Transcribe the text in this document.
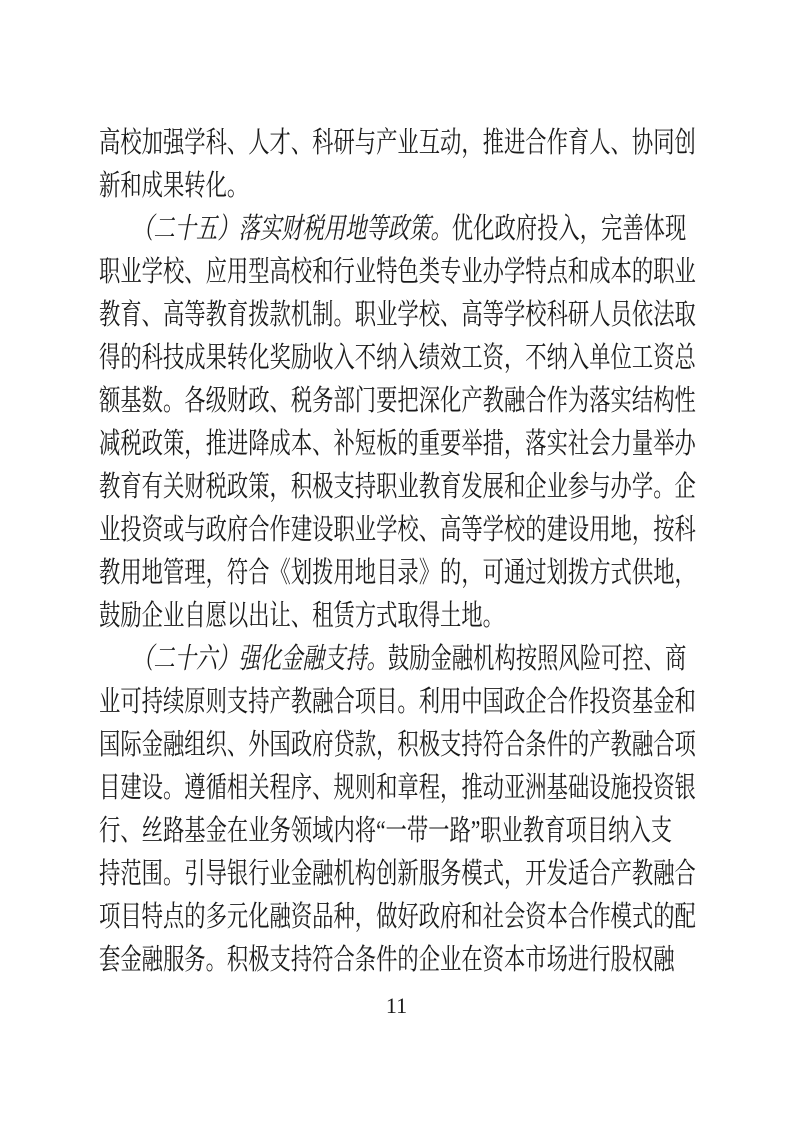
高校加强学科、人才、科研与产业互动，推进合作育人、协同创
新和成果转化。
（二十五）落实财税用地等政策。优化政府投入，完善体现
职业学校、应用型高校和行业特色类专业办学特点和成本的职业
教育、高等教育拨款机制。职业学校、高等学校科研人员依法取
得的科技成果转化奖励收入不纳入绩效工资，不纳入单位工资总
额基数。各级财政、税务部门要把深化产教融合作为落实结构性
减税政策，推进降成本、补短板的重要举措，落实社会力量举办
教育有关财税政策，积极支持职业教育发展和企业参与办学。企
业投资或与政府合作建设职业学校、高等学校的建设用地，按科
教用地管理，符合《划拨用地目录》的，可通过划拨方式供地，
鼓励企业自愿以出让、租赁方式取得土地。
（二十六）强化金融支持。鼓励金融机构按照风险可控、商
业可持续原则支持产教融合项目。利用中国政企合作投资基金和
国际金融组织、外国政府贷款，积极支持符合条件的产教融合项
目建设。遵循相关程序、规则和章程，推动亚洲基础设施投资银
行、丝路基金在业务领域内将“一带一路”职业教育项目纳入支
持范围。引导银行业金融机构创新服务模式，开发适合产教融合
项目特点的多元化融资品种，做好政府和社会资本合作模式的配
套金融服务。积极支持符合条件的企业在资本市场进行股权融
11
